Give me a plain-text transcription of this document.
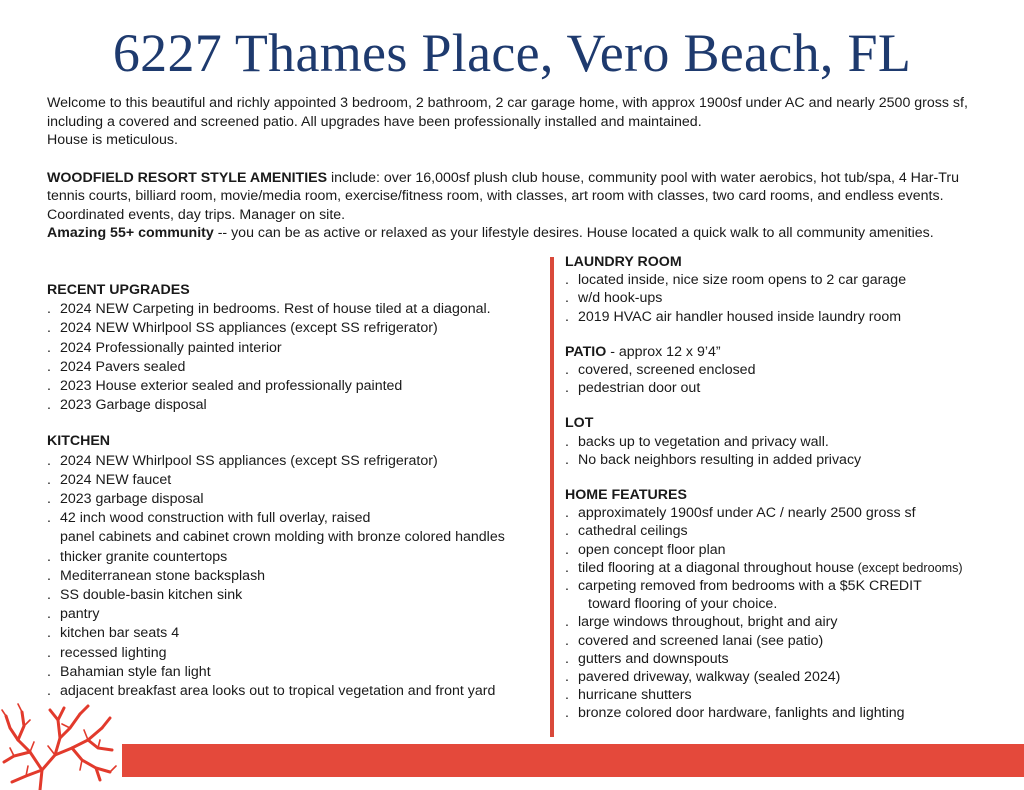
6227 Thames Place, Vero Beach, FL

Welcome to this beautiful and richly appointed 3 bedroom, 2 bathroom, 2 car garage home, with approx 1900sf under AC and nearly 2500 gross sf, including a covered and screened patio. All upgrades have been professionally installed and maintained.
House is meticulous.

WOODFIELD RESORT STYLE AMENITIES include: over 16,000sf plush club house, community pool with water aerobics, hot tub/spa, 4 Har-Tru tennis courts, billiard room, movie/media room, exercise/fitness room, with classes, art room with classes, two card rooms, and endless events. Coordinated events, day trips. Manager on site.

Amazing 55+ community -- you can be as active or relaxed as your lifestyle desires. House located a quick walk to all community amenities.

RECENT UPGRADES

. 2024 NEW Carpeting in bedrooms. Rest of house tiled at a diagonal.
. 2024 NEW Whirlpool SS appliances (except SS refrigerator)
. 2024 Professionally painted interior
. 2024 Pavers sealed
. 2023 House exterior sealed and professionally painted
. 2023 Garbage disposal

KITCHEN

. 2024 NEW Whirlpool SS appliances (except SS refrigerator)
. 2024 NEW faucet
. 2023 garbage disposal
. 42 inch wood construction with full overlay, raised
panel cabinets and cabinet crown molding with bronze colored handles
. thicker granite countertops
. Mediterranean stone backsplash
. SS double-basin kitchen sink
. pantry
. kitchen bar seats 4
. recessed lighting
. Bahamian style fan light
. adjacent breakfast area looks out to tropical vegetation and front yard

LAUNDRY ROOM

. located inside, nice size room opens to 2 car garage
. w/d hook-ups
. 2019 HVAC air handler housed inside laundry room

PATIO - approx 12 x 9’4”

. covered, screened enclosed
. pedestrian door out

LOT

. backs up to vegetation and privacy wall.
. No back neighbors resulting in added privacy

HOME FEATURES

. approximately 1900sf under AC / nearly 2500 gross sf
. cathedral ceilings
. open concept floor plan
. tiled flooring at a diagonal throughout house (except bedrooms)
. carpeting removed from bedrooms with a $5K CREDIT
toward flooring of your choice.
. large windows throughout, bright and airy
. covered and screened lanai (see patio)
. gutters and downspouts
. pavered driveway, walkway (sealed 2024)
. hurricane shutters
. bronze colored door hardware, fanlights and lighting
